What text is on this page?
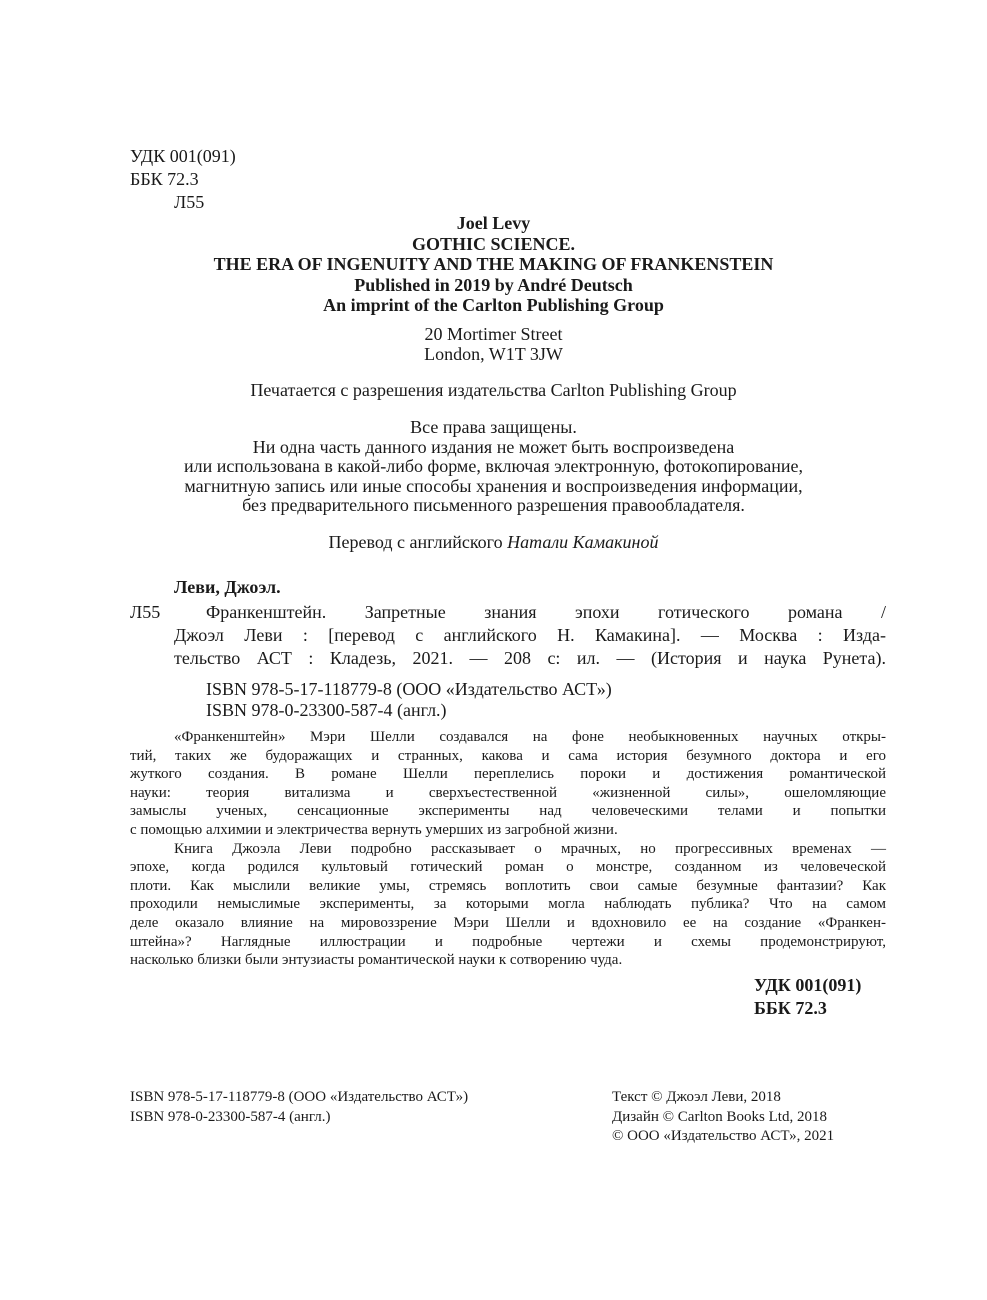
УДК 001(091)
ББК 72.3
Л55
Joel Levy
GOTHIC SCIENCE.
THE ERA OF INGENUITY AND THE MAKING OF FRANKENSTEIN
Published in 2019 by André Deutsch
An imprint of the Carlton Publishing Group
20 Mortimer Street
London, W1T 3JW
Печатается с разрешения издательства Carlton Publishing Group
Все права защищены.
Ни одна часть данного издания не может быть воспроизведена
или использована в какой-либо форме, включая электронную, фотокопирование,
магнитную запись или иные способы хранения и воспроизведения информации,
без предварительного письменного разрешения правообладателя.
Перевод с английского Натали Камакиной
Леви, Джоэл.
Л55	Франкенштейн. Запретные знания эпохи готического романа /
Джоэл Леви : [перевод с английского Н. Камакина]. — Москва : Изда-
тельство АСТ : Кладезь, 2021. — 208 с: ил. — (История и наука Рунета).
ISBN 978-5-17-118779-8 (ООО «Издательство АСТ»)
ISBN 978-0-23300-587-4 (англ.)
«Франкенштейн» Мэри Шелли создавался на фоне необыкновенных научных откры-
тий, таких же будоражащих и странных, какова и сама история безумного доктора и его
жуткого создания. В романе Шелли переплелись пороки и достижения романтической
науки: теория витализма и сверхъестественной «жизненной силы», ошеломляющие
замыслы ученых, сенсационные эксперименты над человеческими телами и попытки
с помощью алхимии и электричества вернуть умерших из загробной жизни.
Книга Джоэла Леви подробно рассказывает о мрачных, но прогрессивных временах —
эпохе, когда родился культовый готический роман о монстре, созданном из человеческой
плоти. Как мыслили великие умы, стремясь воплотить свои самые безумные фантазии? Как
проходили немыслимые эксперименты, за которыми могла наблюдать публика? Что на самом
деле оказало влияние на мировоззрение Мэри Шелли и вдохновило ее на создание «Франкен-
штейна»? Наглядные иллюстрации и подробные чертежи и схемы продемонстрируют,
насколько близки были энтузиасты романтической науки к сотворению чуда.
УДК 001(091)
ББК 72.3
ISBN 978-5-17-118779-8 (ООО «Издательство АСТ»)
ISBN 978-0-23300-587-4 (англ.)
Текст © Джоэл Леви, 2018
Дизайн © Carlton Books Ltd, 2018
© ООО «Издательство АСТ», 2021
